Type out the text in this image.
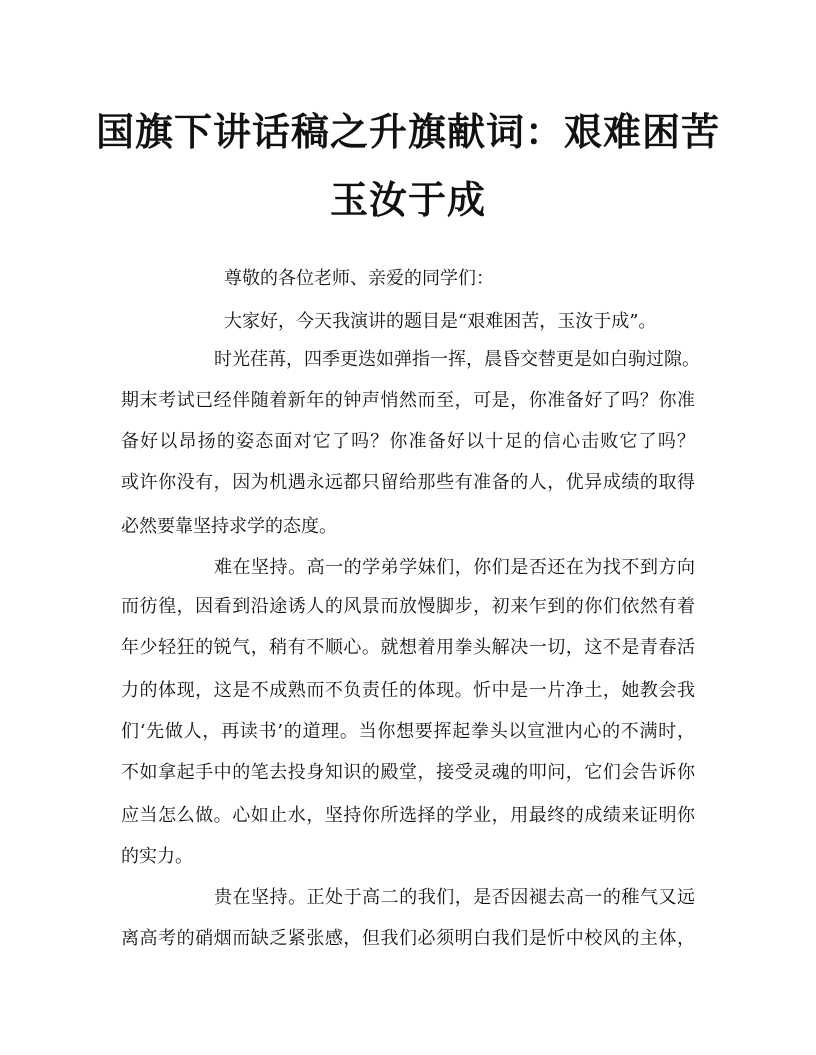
国旗下讲话稿之升旗献词：艰难困苦
玉汝于成
尊敬的各位老师、亲爱的同学们：
大家好，今天我演讲的题目是“艰难困苦，玉汝于成”。
时光荏苒，四季更迭如弹指一挥，晨昏交替更是如白驹过隙。
期末考试已经伴随着新年的钟声悄然而至，可是，你准备好了吗？你准
备好以昂扬的姿态面对它了吗？你准备好以十足的信心击败它了吗？
或许你没有，因为机遇永远都只留给那些有准备的人，优异成绩的取得
必然要靠坚持求学的态度。
难在坚持。高一的学弟学妹们，你们是否还在为找不到方向
而彷徨，因看到沿途诱人的风景而放慢脚步，初来乍到的你们依然有着
年少轻狂的锐气，稍有不顺心。就想着用拳头解决一切，这不是青春活
力的体现，这是不成熟而不负责任的体现。忻中是一片净土，她教会我
们‘先做人，再读书’的道理。当你想要挥起拳头以宣泄内心的不满时，
不如拿起手中的笔去投身知识的殿堂，接受灵魂的叩问，它们会告诉你
应当怎么做。心如止水，坚持你所选择的学业，用最终的成绩来证明你
的实力。
贵在坚持。正处于高二的我们，是否因褪去高一的稚气又远
离高考的硝烟而缺乏紧张感，但我们必须明白我们是忻中校风的主体，
